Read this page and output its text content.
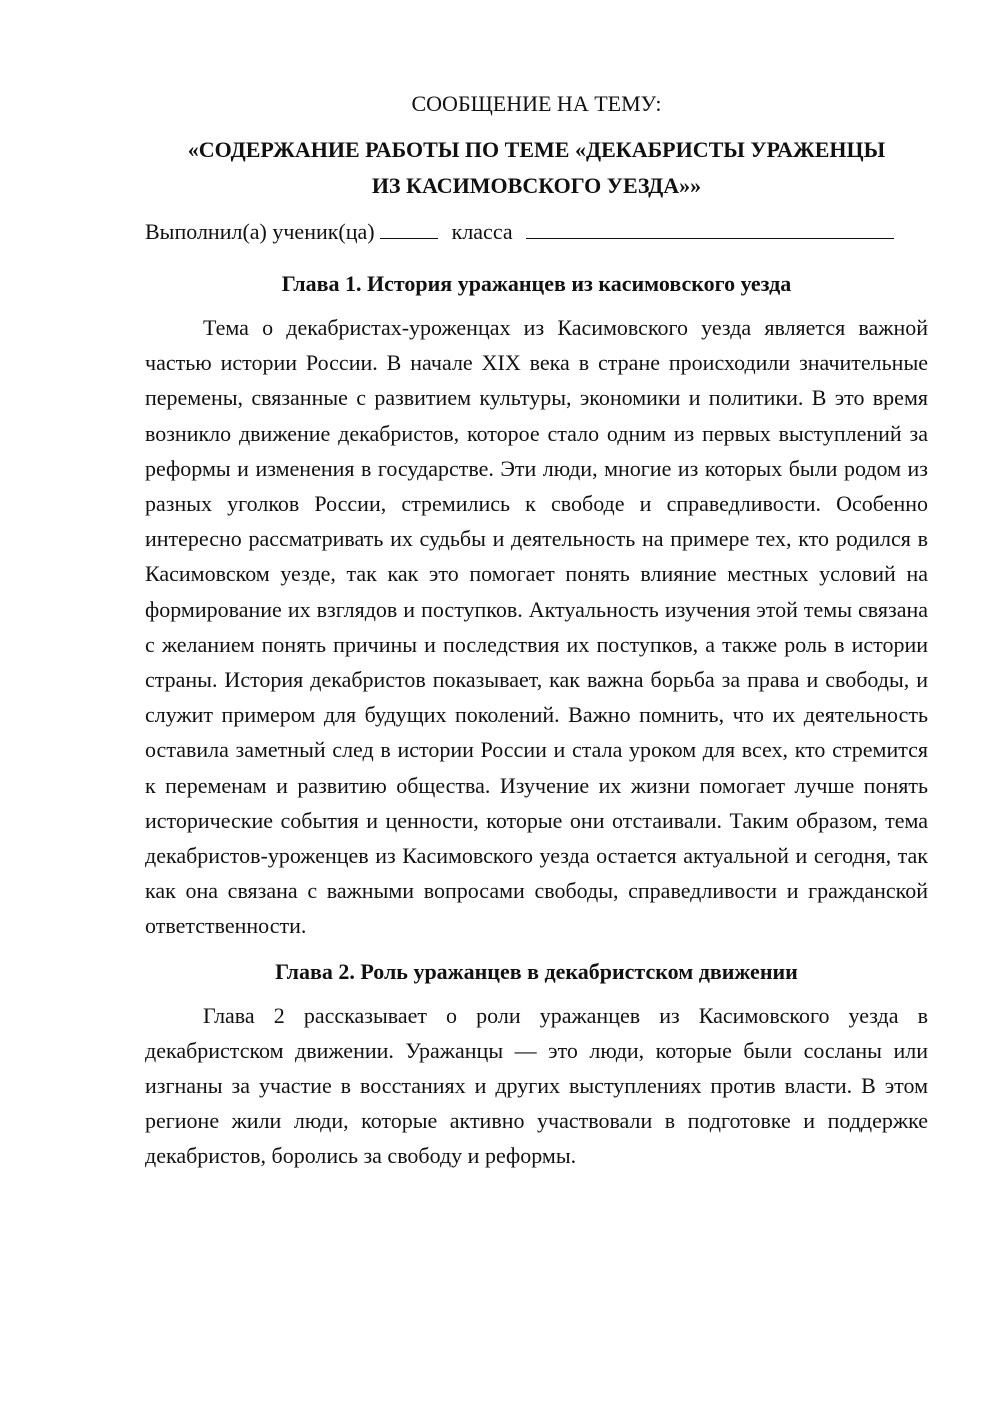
СООБЩЕНИЕ НА ТЕМУ:

«СОДЕРЖАНИЕ РАБОТЫ ПО ТЕМЕ «ДЕКАБРИСТЫ УРАЖЕНЦЫ
ИЗ КАСИМОВСКОГО УЕЗДА»»

Выполнил(а) ученик(ца)	класса

Глава 1. История уражанцев из касимовского уезда

Тема о декабристах-уроженцах из Касимовского уезда является важной частью истории России. В начале XIX века в стране происходили значительные перемены, связанные с развитием культуры, экономики и политики. В это время возникло движение декабристов, которое стало одним из первых выступлений за реформы и изменения в государстве. Эти люди, многие из которых были родом из разных уголков России, стремились к свободе и справедливости. Особенно интересно рассматривать их судьбы и деятельность на примере тех, кто родился в Касимовском уезде, так как это помогает понять влияние местных условий на формирование их взглядов и поступков. Актуальность изучения этой темы связана с желанием понять причины и последствия их поступков, а также роль в истории страны. История декабристов показывает, как важна борьба за права и свободы, и служит примером для будущих поколений. Важно помнить, что их деятельность оставила заметный след в истории России и стала уроком для всех, кто стремится к переменам и развитию общества. Изучение их жизни помогает лучше понять исторические события и ценности, которые они отстаивали. Таким образом, тема декабристов-уроженцев из Касимовского уезда остается актуальной и сегодня, так как она связана с важными вопросами свободы, справедливости и гражданской ответственности.

Глава 2. Роль уражанцев в декабристском движении

Глава 2 рассказывает о роли уражанцев из Касимовского уезда в декабристском движении. Уражанцы — это люди, которые были сосланы или изгнаны за участие в восстаниях и других выступлениях против власти. В этом регионе жили люди, которые активно участвовали в подготовке и поддержке декабристов, боролись за свободу и реформы.
